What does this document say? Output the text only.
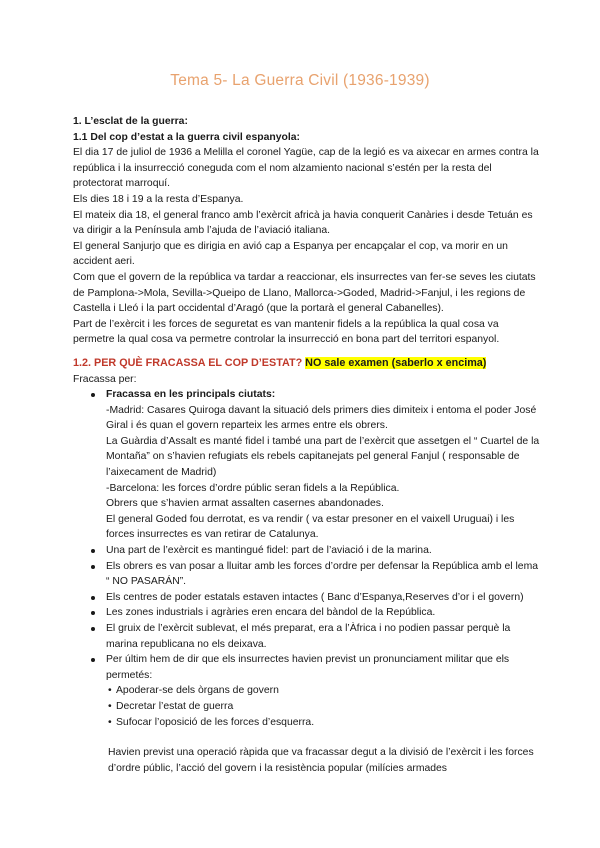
Tema 5- La Guerra Civil (1936-1939)

1. L’esclat de la guerra:

1.1 Del cop d’estat a la guerra civil espanyola:

El dia 17 de juliol de 1936 a Melilla el coronel Yagüe, cap de la legió es va aixecar en armes contra la república i la insurrecció coneguda com el nom alzamiento nacional s’estén per la resta del protectorat marroquí.

Els dies 18 i 19 a la resta d’Espanya.

El mateix dia 18, el general franco amb l’exèrcit africà ja havia conquerit Canàries i desde Tetuán es va dirigir a la Península amb l’ajuda de l’aviació italiana.

El general Sanjurjo que es dirigia en avió cap a Espanya per encapçalar el cop, va morir en un accident aeri.

Com que el govern de la república va tardar a reaccionar, els insurrectes van fer-se seves les ciutats de Pamplona->Mola, Sevilla->Queipo de Llano, Mallorca->Goded, Madrid->Fanjul, i les regions de Castella i Lleó i la part occidental d’Aragó (que la portarà el general Cabanelles).

Part de l’exèrcit i les forces de seguretat es van mantenir fidels a la república la qual cosa va permetre la qual cosa va permetre controlar la insurrecció en bona part del territori espanyol.

1.2. PER QUÈ FRACASSA EL COP D’ESTAT? NO sale examen (saberlo x encima)

Fracassa per:

Fracassa en les principals ciutats:
-Madrid: Casares Quiroga davant la situació dels primers dies dimiteix i entoma el poder José Giral i és quan el govern reparteix les armes entre els obrers.
La Guàrdia d’Assalt es manté fidel i també una part de l’exèrcit que assetgen el “ Cuartel de la Montaña” on s’havien refugiats els rebels capitanejats pel general Fanjul ( responsable de l’aixecament de Madrid)
-Barcelona: les forces d’ordre públic seran fidels a la República.
Obrers que s’havien armat assalten casernes abandonades.
El general Goded fou derrotat, es va rendir ( va estar presoner en el vaixell Uruguai) i les forces insurrectes es van retirar de Catalunya.
Una part de l’exèrcit es mantingué fidel: part de l’aviació i de la marina.
Els obrers es van posar a lluitar amb les forces d’ordre per defensar la República amb el lema “ NO PASARÁN”.
Els centres de poder estatals estaven intactes ( Banc d’Espanya,Reserves d’or i el govern)
Les zones industrials i agràries eren encara del bàndol de la República.
El gruix de l’exèrcit sublevat, el més preparat, era a l’Àfrica i no podien passar perquè la marina republicana no els deixava.
Per últim hem de dir que els insurrectes havien previst un pronunciament militar que els permetés:
• Apoderar-se dels òrgans de govern
• Decretar l’estat de guerra
• Sufocar l’oposició de les forces d’esquerra.

Havien previst una operació ràpida que va fracassar degut a la divisió de l’exèrcit i les forces d’ordre públic, l’acció del govern i la resistència popular (milícies armades
